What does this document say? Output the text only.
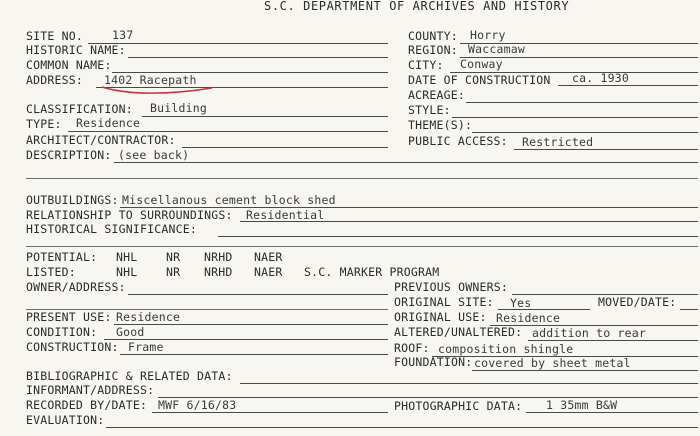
S.C. DEPARTMENT OF ARCHIVES AND HISTORY
SITE NO.	137
HISTORIC NAME:
COMMON NAME:
ADDRESS: 1402 Racepath
COUNTY: Horry
REGION: Waccamaw
CITY: Conway
DATE OF CONSTRUCTION ca. 1930
ACREAGE:
CLASSIFICATION: Building
TYPE: Residence
ARCHITECT/CONTRACTOR:
DESCRIPTION: (see back)
STYLE:
THEME(S):
PUBLIC ACCESS: Restricted
OUTBUILDINGS: Miscellanous cement block shed
RELATIONSHIP TO SURROUNDINGS: Residential
HISTORICAL SIGNIFICANCE:
POTENTIAL: NHL NR NRHD NAER
LISTED:	NHL NR NRHD NAER S.C. MARKER PROGRAM
OWNER/ADDRESS:	PREVIOUS OWNERS:
ORIGINAL SITE: Yes	MOVED/DATE:
PRESENT USE: Residence
CONDITION: Good
CONSTRUCTION: Frame
ORIGINAL USE: Residence
ALTERED/UNALTERED: addition to rear
ROOF: composition shingle
FOUNDATION: covered by sheet metal
BIBLIOGRAPHIC & RELATED DATA:
INFORMANT/ADDRESS:
RECORDED BY/DATE: MWF 6/16/83	PHOTOGRAPHIC DATA: 1 35mm B&W
EVALUATION:
